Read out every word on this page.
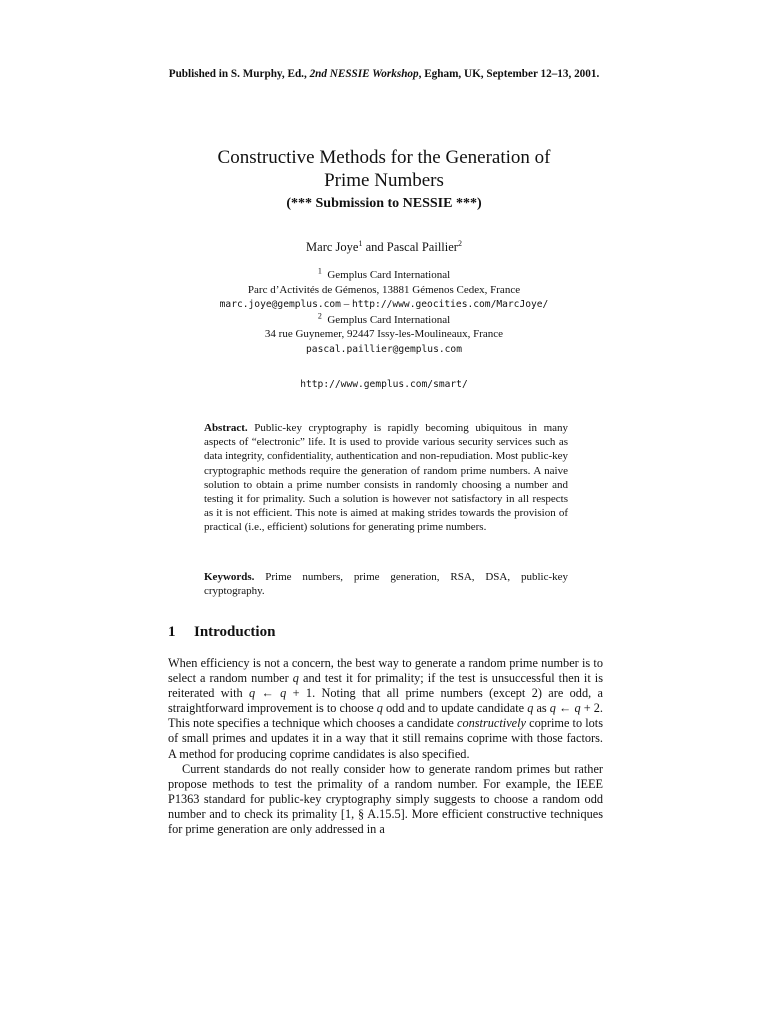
Published in S. Murphy, Ed., 2nd NESSIE Workshop, Egham, UK, September 12–13, 2001.
Constructive Methods for the Generation of
Prime Numbers
(*** Submission to NESSIE ***)
Marc Joye$^1$ and Pascal Paillier$^2$
$^1$ Gemplus Card International
Parc d’Activités de Gémenos, 13881 Gémenos Cedex, France
marc.joye@gemplus.com – http://www.geocities.com/MarcJoye/
$^2$ Gemplus Card International
34 rue Guynemer, 92447 Issy-les-Moulineaux, France
pascal.paillier@gemplus.com
http://www.gemplus.com/smart/
Abstract. Public-key cryptography is rapidly becoming ubiquitous in many aspects of “electronic” life. It is used to provide various security services such as data integrity, confidentiality, authentication and non-repudiation. Most public-key cryptographic methods require the generation of random prime numbers. A naive solution to obtain a prime number consists in randomly choosing a number and testing it for primality. Such a solution is however not satisfactory in all respects as it is not efficient. This note is aimed at making strides towards the provision of practical (i.e., efficient) solutions for generating prime numbers.
Keywords. Prime numbers, prime generation, RSA, DSA, public-key cryptography.
1 Introduction

When efficiency is not a concern, the best way to generate a random prime number is to select a random number q and test it for primality; if the test is unsuccessful then it is reiterated with q ← q + 1. Noting that all prime numbers (except 2) are odd, a straightforward improvement is to choose q odd and to update candidate q as q ← q + 2. This note specifies a technique which chooses a candidate constructively coprime to lots of small primes and updates it in a way that it still remains coprime with those factors. A method for producing coprime candidates is also specified.

Current standards do not really consider how to generate random primes but rather propose methods to test the primality of a random number. For example, the IEEE P1363 standard for public-key cryptography simply suggests to choose a random odd number and to check its primality [1, § A.15.5]. More efficient constructive techniques for prime generation are only addressed in a
